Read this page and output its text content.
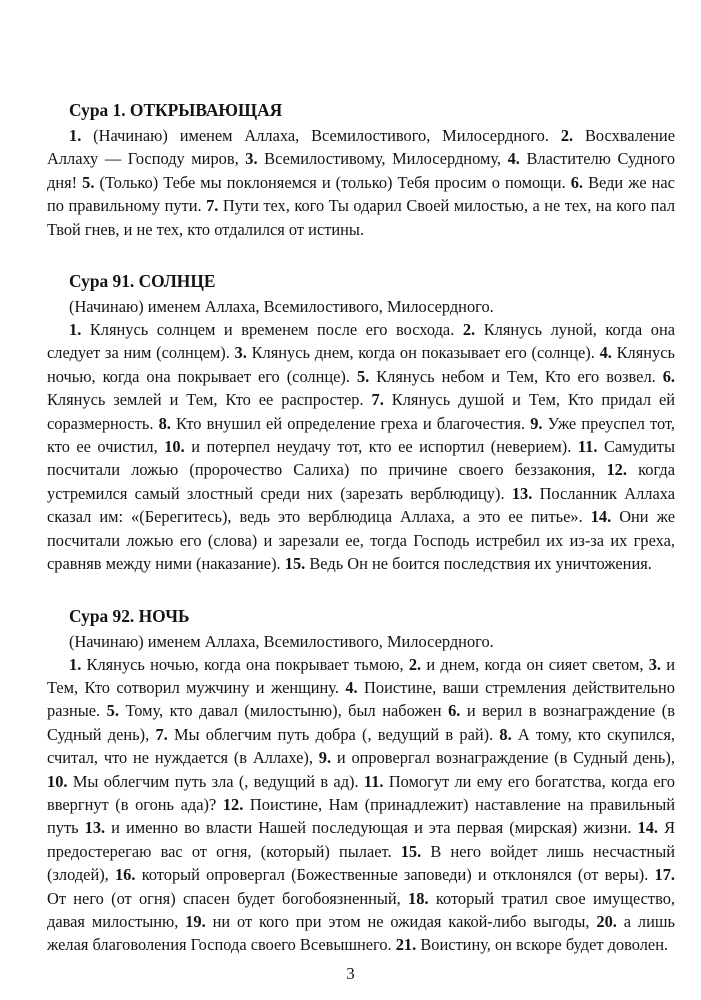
Сура 1. ОТКРЫВАЮЩАЯ

1. (Начинаю) именем Аллаха, Всемилостивого, Милосердного. 2. Восхваление Аллаху — Господу миров, 3. Всемилостивому, Милосердному, 4. Властителю Судного дня! 5. (Только) Тебе мы поклоняемся и (только) Тебя просим о помощи. 6. Веди же нас по правильному пути. 7. Пути тех, кого Ты одарил Своей милостью, а не тех, на кого пал Твой гнев, и не тех, кто отдалился от истины.

Сура 91. СОЛНЦЕ

(Начинаю) именем Аллаха, Всемилостивого, Милосердного.

1. Клянусь солнцем и временем после его восхода. 2. Клянусь луной, когда она следует за ним (солнцем). 3. Клянусь днем, когда он показывает его (солнце). 4. Клянусь ночью, когда она покрывает его (солнце). 5. Клянусь небом и Тем, Кто его возвел. 6. Клянусь землей и Тем, Кто ее распростер. 7. Клянусь душой и Тем, Кто придал ей соразмерность. 8. Кто внушил ей определение греха и благочестия. 9. Уже преуспел тот, кто ее очистил, 10. и потерпел неудачу тот, кто ее испортил (неверием). 11. Самудиты посчитали ложью (пророчество Салиха) по причине своего беззакония, 12. когда устремился самый злостный среди них (зарезать верблюдицу). 13. Посланник Аллаха сказал им: «(Берегитесь), ведь это верблюдица Аллаха, а это ее питье». 14. Они же посчитали ложью его (слова) и зарезали ее, тогда Господь истребил их из-за их греха, сравняв между ними (наказание). 15. Ведь Он не боится последствия их уничтожения.

Сура 92. НОЧЬ

(Начинаю) именем Аллаха, Всемилостивого, Милосердного.

1. Клянусь ночью, когда она покрывает тьмою, 2. и днем, когда он сияет светом, 3. и Тем, Кто сотворил мужчину и женщину. 4. Поистине, ваши стремления действительно разные. 5. Тому, кто давал (милостыню), был набожен 6. и верил в вознаграждение (в Судный день), 7. Мы облегчим путь добра (, ведущий в рай). 8. А тому, кто скупился, считал, что не нуждается (в Аллахе), 9. и опровергал вознаграждение (в Судный день), 10. Мы облегчим путь зла (, ведущий в ад). 11. Помогут ли ему его богатства, когда его ввергнут (в огонь ада)? 12. Поистине, Нам (принадлежит) наставление на правильный путь 13. и именно во власти Нашей последующая и эта первая (мирская) жизни. 14. Я предостерегаю вас от огня, (который) пылает. 15. В него войдет лишь несчастный (злодей), 16. который опровергал (Божественные заповеди) и отклонялся (от веры). 17. От него (от огня) спасен будет богобоязненный, 18. который тратил свое имущество, давая милостыню, 19. ни от кого при этом не ожидая какой-либо выгоды, 20. а лишь желая благоволения Господа своего Всевышнего. 21. Воистину, он вскоре будет доволен.

3
